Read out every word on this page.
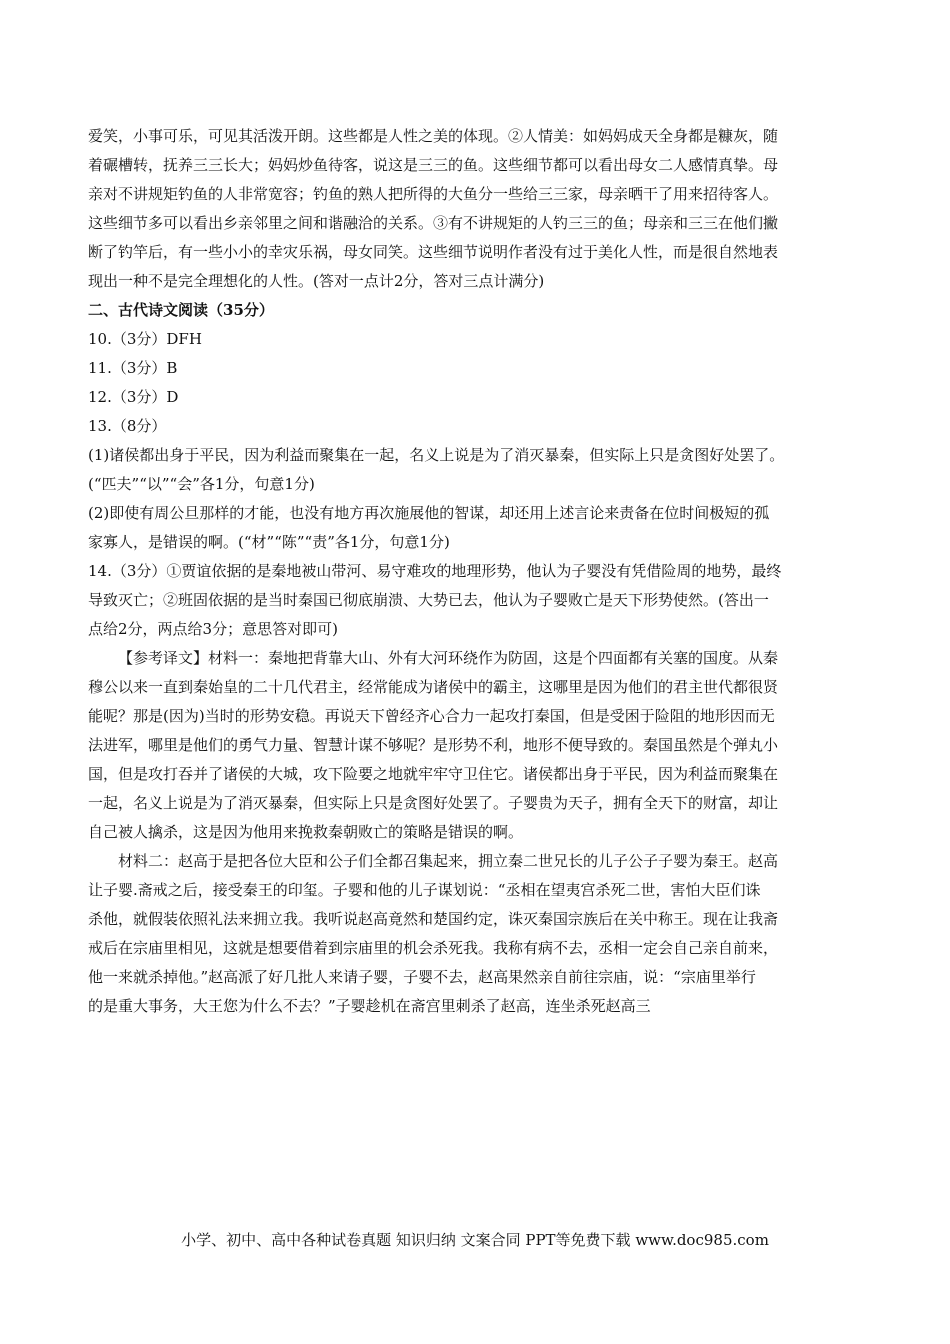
爱笑，小事可乐，可见其活泼开朗。这些都是人性之美的体现。②人情美：如妈妈成天全身都是糠灰，随

着碾槽转，抚养三三长大；妈妈炒鱼待客，说这是三三的鱼。这些细节都可以看出母女二人感情真挚。母

亲对不讲规矩钓鱼的人非常宽容；钓鱼的熟人把所得的大鱼分一些给三三家，母亲晒干了用来招待客人。

这些细节多可以看出乡亲邻里之间和谐融洽的关系。③有不讲规矩的人钓三三的鱼；母亲和三三在他们撇

断了钓竿后，有一些小小的幸灾乐祸，母女同笑。这些细节说明作者没有过于美化人性，而是很自然地表

现出一种不是完全理想化的人性。(答对一点计2分，答对三点计满分)

二、古代诗文阅读（35分）

10.（3分）DFH

11.（3分）B

12.（3分）D

13.（8分）

(1)诸侯都出身于平民，因为利益而聚集在一起，名义上说是为了消灭暴秦，但实际上只是贪图好处罢了。

(“匹夫”“以”“会”各1分，句意1分)

(2)即使有周公旦那样的才能，也没有地方再次施展他的智谋，却还用上述言论来责备在位时间极短的孤

家寡人，是错误的啊。(“材”“陈”“责”各1分，句意1分)

14.（3分）①贾谊依据的是秦地被山带河、易守难攻的地理形势，他认为子婴没有凭借险周的地势，最终

导致灭亡；②班固依据的是当时秦国已彻底崩溃、大势已去，他认为子婴败亡是天下形势使然。(答出一

点给2分，两点给3分；意思答对即可)

【参考译文】材料一：秦地把背靠大山、外有大河环绕作为防固，这是个四面都有关塞的国度。从秦

穆公以来一直到秦始皇的二十几代君主，经常能成为诸侯中的霸主，这哪里是因为他们的君主世代都很贤

能呢？那是(因为)当时的形势安稳。再说天下曾经齐心合力一起攻打秦国，但是受困于险阻的地形因而无

法进军，哪里是他们的勇气力量、智慧计谋不够呢？是形势不利，地形不便导致的。秦国虽然是个弹丸小

国，但是攻打吞并了诸侯的大城，攻下险要之地就牢牢守卫住它。诸侯都出身于平民，因为利益而聚集在

一起，名义上说是为了消灭暴秦，但实际上只是贪图好处罢了。子婴贵为天子，拥有全天下的财富，却让

自己被人擒杀，这是因为他用来挽救秦朝败亡的策略是错误的啊。

材料二：赵高于是把各位大臣和公子们全都召集起来，拥立秦二世兄长的儿子公子子婴为秦王。赵高

让子婴.斋戒之后，接受秦王的印玺。子婴和他的儿子谋划说：“丞相在望夷宫杀死二世，害怕大臣们诛

杀他，就假装依照礼法来拥立我。我听说赵高竟然和楚国约定，诛灭秦国宗族后在关中称王。现在让我斋

戒后在宗庙里相见，这就是想要借着到宗庙里的机会杀死我。我称有病不去，丞相一定会自己亲自前来，

他一来就杀掉他。”赵高派了好几批人来请子婴，子婴不去，赵高果然亲自前往宗庙，说：“宗庙里举行

的是重大事务，大王您为什么不去？”子婴趁机在斋宫里刺杀了赵高，连坐杀死赵高三

小学、初中、高中各种试卷真题 知识归纳 文案合同 PPT等免费下载 www.doc985.com
